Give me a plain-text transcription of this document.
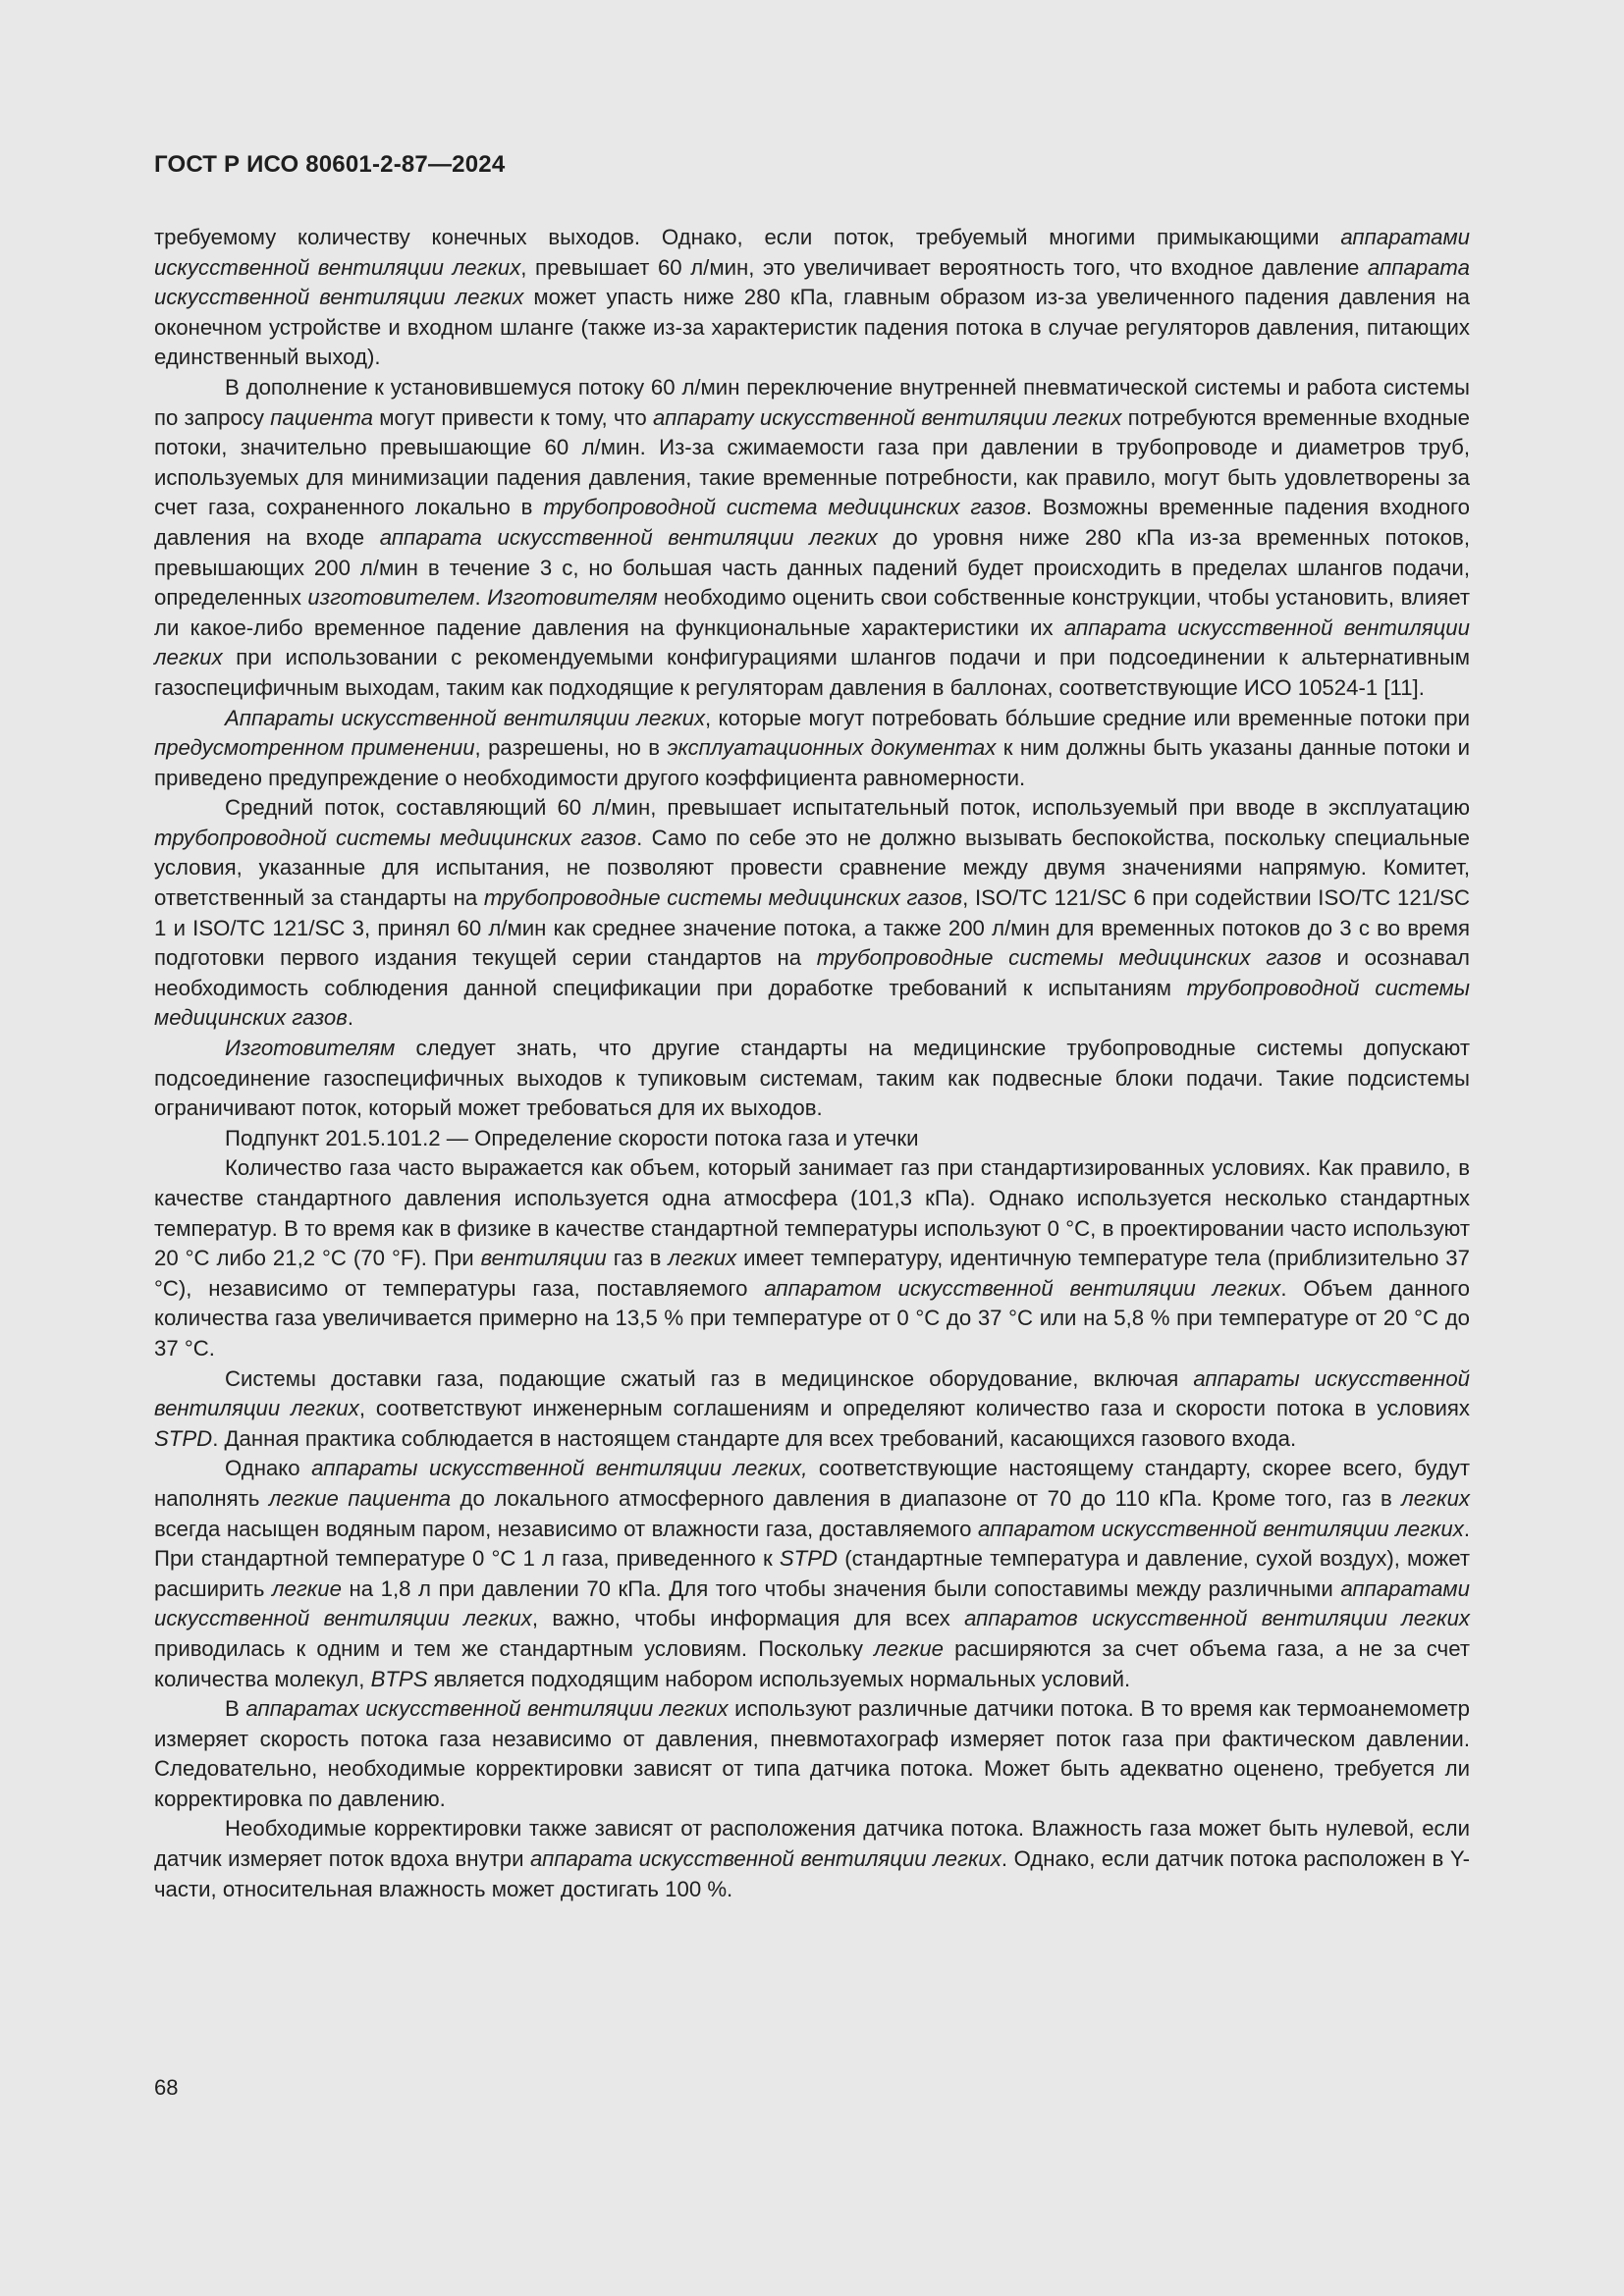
ГОСТ Р ИСО 80601-2-87—2024

требуемому количеству конечных выходов. Однако, если поток, требуемый многими примыкающими аппаратами искусственной вентиляции легких, превышает 60 л/мин, это увеличивает вероятность того, что входное давление аппарата искусственной вентиляции легких может упасть ниже 280 кПа, главным образом из-за увеличенного падения давления на оконечном устройстве и входном шланге (также из-за характеристик падения потока в случае регуляторов давления, питающих единственный выход).

В дополнение к установившемуся потоку 60 л/мин переключение внутренней пневматической системы и работа системы по запросу пациента могут привести к тому, что аппарату искусственной вентиляции легких потребуются временные входные потоки, значительно превышающие 60 л/мин. Из-за сжимаемости газа при давлении в трубопроводе и диаметров труб, используемых для минимизации падения давления, такие временные потребности, как правило, могут быть удовлетворены за счет газа, сохраненного локально в трубопроводной система медицинских газов. Возможны временные падения входного давления на входе аппарата искусственной вентиляции легких до уровня ниже 280 кПа из-за временных потоков, превышающих 200 л/мин в течение 3 с, но большая часть данных падений будет происходить в пределах шлангов подачи, определенных изготовителем. Изготовителям необходимо оценить свои собственные конструкции, чтобы установить, влияет ли какое-либо временное падение давления на функциональные характеристики их аппарата искусственной вентиляции легких при использовании с рекомендуемыми конфигурациями шлангов подачи и при подсоединении к альтернативным газоспецифичным выходам, таким как подходящие к регуляторам давления в баллонах, соответствующие ИСО 10524-1 [11].

Аппараты искусственной вентиляции легких, которые могут потребовать бóльшие средние или временные потоки при предусмотренном применении, разрешены, но в эксплуатационных документах к ним должны быть указаны данные потоки и приведено предупреждение о необходимости другого коэффициента равномерности.

Средний поток, составляющий 60 л/мин, превышает испытательный поток, используемый при вводе в эксплуатацию трубопроводной системы медицинских газов. Само по себе это не должно вызывать беспокойства, поскольку специальные условия, указанные для испытания, не позволяют провести сравнение между двумя значениями напрямую. Комитет, ответственный за стандарты на трубопроводные системы медицинских газов, ISO/TC 121/SC 6 при содействии ISO/TC 121/SC 1 и ISO/TC 121/SC 3, принял 60 л/мин как среднее значение потока, а также 200 л/мин для временных потоков до 3 с во время подготовки первого издания текущей серии стандартов на трубопроводные системы медицинских газов и осознавал необходимость соблюдения данной спецификации при доработке требований к испытаниям трубопроводной системы медицинских газов.

Изготовителям следует знать, что другие стандарты на медицинские трубопроводные системы допускают подсоединение газоспецифичных выходов к тупиковым системам, таким как подвесные блоки подачи. Такие подсистемы ограничивают поток, который может требоваться для их выходов.

Подпункт 201.5.101.2 — Определение скорости потока газа и утечки

Количество газа часто выражается как объем, который занимает газ при стандартизированных условиях. Как правило, в качестве стандартного давления используется одна атмосфера (101,3 кПа). Однако используется несколько стандартных температур. В то время как в физике в качестве стандартной температуры используют 0 °С, в проектировании часто используют 20 °С либо 21,2 °С (70 °F). При вентиляции газ в легких имеет температуру, идентичную температуре тела (приблизительно 37 °С), независимо от температуры газа, поставляемого аппаратом искусственной вентиляции легких. Объем данного количества газа увеличивается примерно на 13,5 % при температуре от 0 °С до 37 °С или на 5,8 % при температуре от 20 °С до 37 °С.

Системы доставки газа, подающие сжатый газ в медицинское оборудование, включая аппараты искусственной вентиляции легких, соответствуют инженерным соглашениям и определяют количество газа и скорости потока в условиях STPD. Данная практика соблюдается в настоящем стандарте для всех требований, касающихся газового входа.

Однако аппараты искусственной вентиляции легких, соответствующие настоящему стандарту, скорее всего, будут наполнять легкие пациента до локального атмосферного давления в диапазоне от 70 до 110 кПа. Кроме того, газ в легких всегда насыщен водяным паром, независимо от влажности газа, доставляемого аппаратом искусственной вентиляции легких. При стандартной температуре 0 °С 1 л газа, приведенного к STPD (стандартные температура и давление, сухой воздух), может расширить легкие на 1,8 л при давлении 70 кПа. Для того чтобы значения были сопоставимы между различными аппаратами искусственной вентиляции легких, важно, чтобы информация для всех аппаратов искусственной вентиляции легких приводилась к одним и тем же стандартным условиям. Поскольку легкие расширяются за счет объема газа, а не за счет количества молекул, BTPS является подходящим набором используемых нормальных условий.

В аппаратах искусственной вентиляции легких используют различные датчики потока. В то время как термоанемометр измеряет скорость потока газа независимо от давления, пневмотахограф измеряет поток газа при фактическом давлении. Следовательно, необходимые корректировки зависят от типа датчика потока. Может быть адекватно оценено, требуется ли корректировка по давлению.

Необходимые корректировки также зависят от расположения датчика потока. Влажность газа может быть нулевой, если датчик измеряет поток вдоха внутри аппарата искусственной вентиляции легких. Однако, если датчик потока расположен в Y-части, относительная влажность может достигать 100 %.

68
